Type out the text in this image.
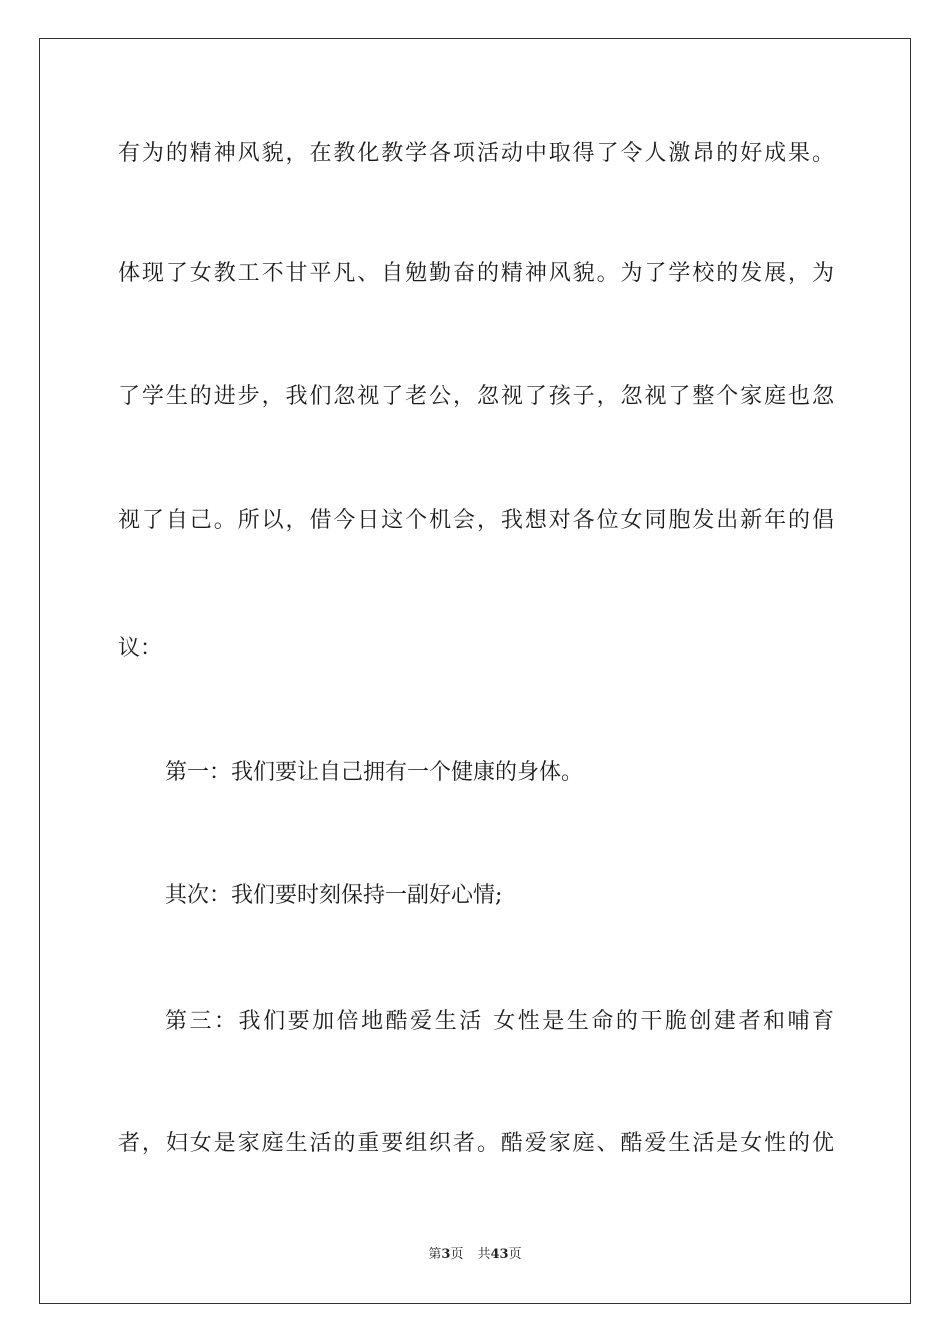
有为的精神风貌，在教化教学各项活动中取得了令人激昂的好成果。
体现了女教工不甘平凡、自勉勤奋的精神风貌。为了学校的发展，为
了学生的进步，我们忽视了老公，忽视了孩子，忽视了整个家庭也忽
视了自己。所以，借今日这个机会，我想对各位女同胞发出新年的倡
议：
第一：我们要让自己拥有一个健康的身体。
其次：我们要时刻保持一副好心情;
第三：我们要加倍地酷爱生活 女性是生命的干脆创建者和哺育
者，妇女是家庭生活的重要组织者。酷爱家庭、酷爱生活是女性的优
第3页 共43页
